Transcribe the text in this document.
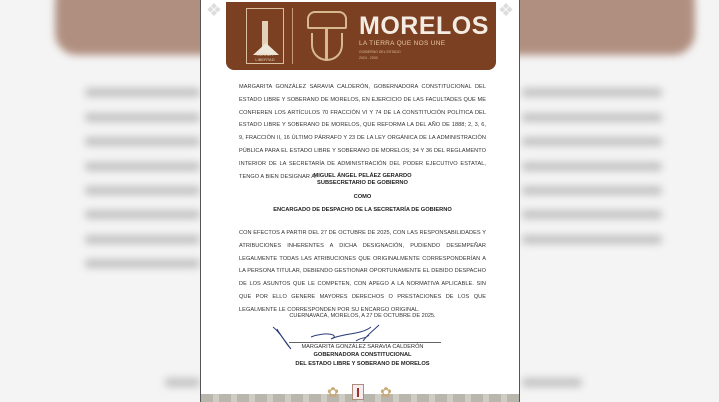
❖	❖
TIERRA Y LIBERTAD
MORELOS
LA TIERRA QUE NOS UNE
GOBIERNO DEL ESTADO
2024 - 2030

MARGARITA GONZÁLEZ SARAVIA CALDERÓN, GOBERNADORA CONSTITUCIONAL DEL ESTADO LIBRE Y SOBERANO DE MORELOS, EN EJERCICIO DE LAS FACULTADES QUE ME CONFIEREN LOS ARTÍCULOS 70 FRACCIÓN VI Y 74 DE LA CONSTITUCIÓN POLÍTICA DEL ESTADO LIBRE Y SOBERANO DE MORELOS, QUE REFORMA LA DEL AÑO DE 1888; 2, 3, 6, 9, FRACCIÓN II, 16 ÚLTIMO PÁRRAFO Y 23 DE LA LEY ORGÁNICA DE LA ADMINISTRACIÓN PÚBLICA PARA EL ESTADO LIBRE Y SOBERANO DE MORELOS; 34 Y 36 DEL REGLAMENTO INTERIOR DE LA SECRETARÍA DE ADMINISTRACIÓN DEL PODER EJECUTIVO ESTATAL, TENGO A BIEN DESIGNAR A:

MIGUEL ÁNGEL PELÁEZ GERARDO
SUBSECRETARIO DE GOBIERNO
COMO
ENCARGADO DE DESPACHO DE LA SECRETARÍA DE GOBIERNO

CON EFECTOS A PARTIR DEL 27 DE OCTUBRE DE 2025, CON LAS RESPONSABILIDADES Y ATRIBUCIONES INHERENTES A DICHA DESIGNACIÓN, PUDIENDO DESEMPEÑAR LEGALMENTE TODAS LAS ATRIBUCIONES QUE ORIGINALMENTE CORRESPONDERÍAN A LA PERSONA TITULAR, DEBIENDO GESTIONAR OPORTUNAMENTE EL DEBIDO DESPACHO DE LOS ASUNTOS QUE LE COMPETEN, CON APEGO A LA NORMATIVA APLICABLE. SIN QUE POR ELLO GENERE MAYORES DERECHOS O PRESTACIONES DE LOS QUE LEGALMENTE LE CORRESPONDEN POR SU ENCARGO ORIGINAL.

CUERNAVACA, MORELOS, A 27 DE OCTUBRE DE 2025.
MARGARITA GONZÁLEZ SARAVIA CALDERÓN
GOBERNADORA CONSTITUCIONAL
DEL ESTADO LIBRE Y SOBERANO DE MORELOS
✿	✿
